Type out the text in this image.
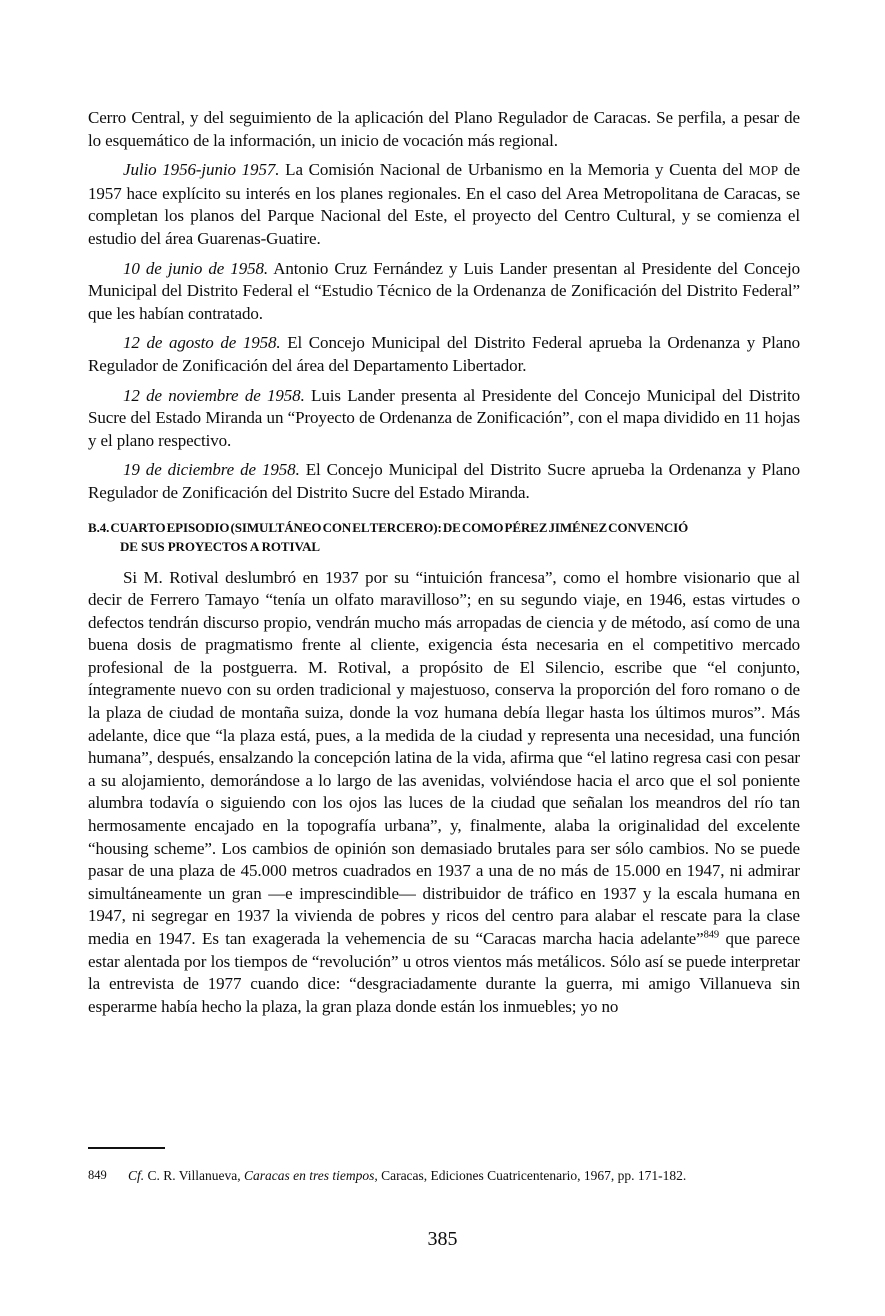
Cerro Central, y del seguimiento de la aplicación del Plano Regulador de Caracas. Se perfila, a pesar de lo esquemático de la información, un inicio de vocación más regional.

Julio 1956-junio 1957. La Comisión Nacional de Urbanismo en la Memoria y Cuenta del MOP de 1957 hace explícito su interés en los planes regionales. En el caso del Area Metropolitana de Caracas, se completan los planos del Parque Nacional del Este, el proyecto del Centro Cultural, y se comienza el estudio del área Guarenas-Guatire.

10 de junio de 1958. Antonio Cruz Fernández y Luis Lander presentan al Presidente del Concejo Municipal del Distrito Federal el “Estudio Técnico de la Ordenanza de Zonificación del Distrito Federal” que les habían contratado.

12 de agosto de 1958. El Concejo Municipal del Distrito Federal aprueba la Ordenanza y Plano Regulador de Zonificación del área del Departamento Libertador.

12 de noviembre de 1958. Luis Lander presenta al Presidente del Concejo Municipal del Distrito Sucre del Estado Miranda un “Proyecto de Ordenanza de Zonificación”, con el mapa dividido en 11 hojas y el plano respectivo.

19 de diciembre de 1958. El Concejo Municipal del Distrito Sucre aprueba la Ordenanza y Plano Regulador de Zonificación del Distrito Sucre del Estado Miranda.

B.4. CUARTO EPISODIO (SIMULTÁNEO CON EL TERCERO): DE COMO PÉREZ JIMÉNEZ CONVENCIÓ
DE SUS PROYECTOS A ROTIVAL

Si M. Rotival deslumbró en 1937 por su “intuición francesa”, como el hombre visionario que al decir de Ferrero Tamayo “tenía un olfato maravilloso”; en su segundo viaje, en 1946, estas virtudes o defectos tendrán discurso propio, vendrán mucho más arropadas de ciencia y de método, así como de una buena dosis de pragmatismo frente al cliente, exigencia ésta necesaria en el competitivo mercado profesional de la postguerra. M. Rotival, a propósito de El Silencio, escribe que “el conjunto, íntegramente nuevo con su orden tradicional y majestuoso, conserva la proporción del foro romano o de la plaza de ciudad de montaña suiza, donde la voz humana debía llegar hasta los últimos muros”. Más adelante, dice que “la plaza está, pues, a la medida de la ciudad y representa una necesidad, una función humana”, después, ensalzando la concepción latina de la vida, afirma que “el latino regresa casi con pesar a su alojamiento, demorándose a lo largo de las avenidas, volviéndose hacia el arco que el sol poniente alumbra todavía o siguiendo con los ojos las luces de la ciudad que señalan los meandros del río tan hermosamente encajado en la topografía urbana”, y, finalmente, alaba la originalidad del excelente “housing scheme”. Los cambios de opinión son demasiado brutales para ser sólo cambios. No se puede pasar de una plaza de 45.000 metros cuadrados en 1937 a una de no más de 15.000 en 1947, ni admirar simultáneamente un gran —e imprescindible— distribuidor de tráfico en 1937 y la escala humana en 1947, ni segregar en 1937 la vivienda de pobres y ricos del centro para alabar el rescate para la clase media en 1947. Es tan exagerada la vehemencia de su “Caracas marcha hacia adelante”$^{849}$ que parece estar alentada por los tiempos de “revolución” u otros vientos más metálicos. Sólo así se puede interpretar la entrevista de 1977 cuando dice: “desgraciadamente durante la guerra, mi amigo Villanueva sin esperarme había hecho la plaza, la gran plaza donde están los inmuebles; yo no

849	Cf. C. R. Villanueva, Caracas en tres tiempos, Caracas, Ediciones Cuatricentenario, 1967, pp. 171-182.
385
